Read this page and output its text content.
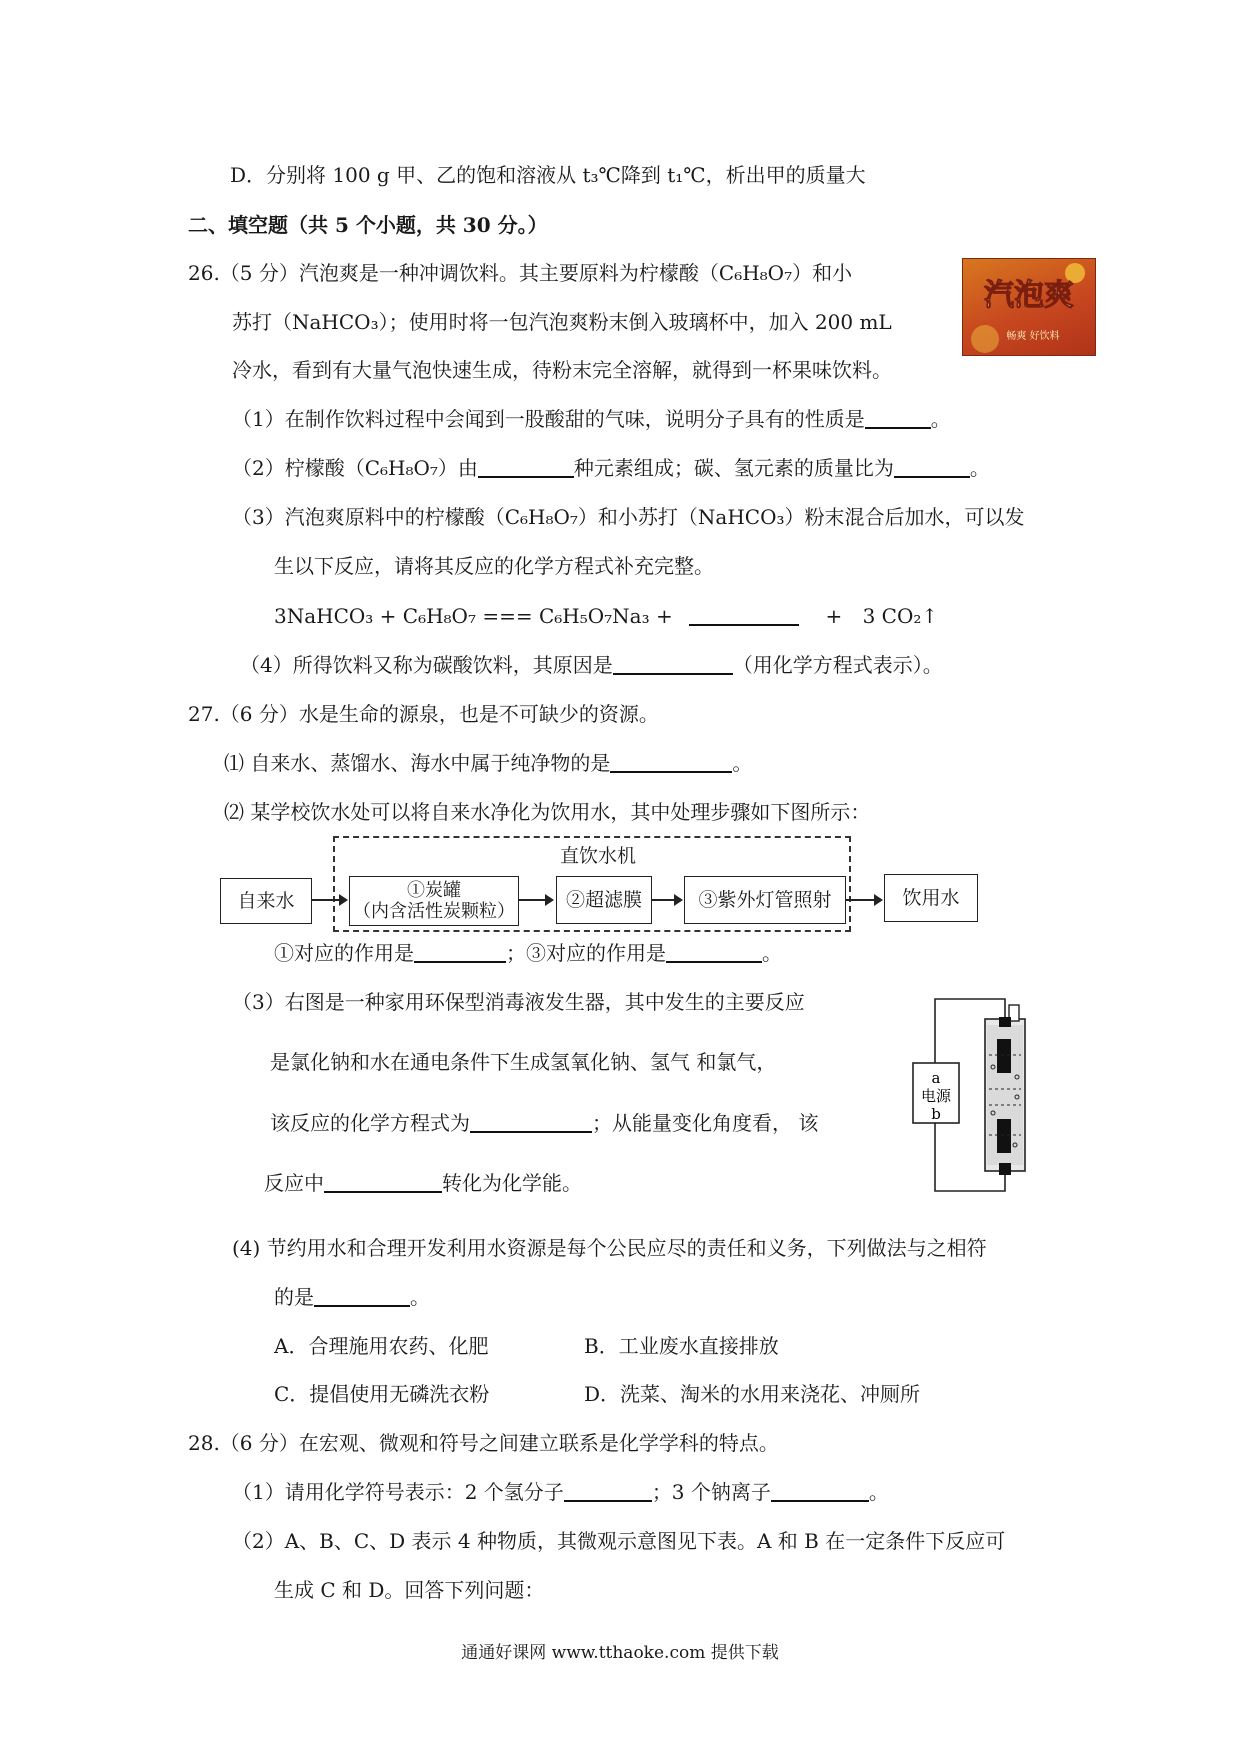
D．分别将 100 g 甲、乙的饱和溶液从 t₃℃降到 t₁℃，析出甲的质量大
二、填空题（共 5 个小题，共 30 分。）
26.（5 分）汽泡爽是一种冲调饮料。其主要原料为柠檬酸（C₆H₈O₇）和小
苏打（NaHCO₃）；使用时将一包汽泡爽粉末倒入玻璃杯中，加入 200 mL
冷水，看到有大量气泡快速生成，待粉末完全溶解，就得到一杯果味饮料。
汽泡爽
畅爽 好饮料
（1）在制作饮料过程中会闻到一股酸甜的气味，说明分子具有的性质是	。
（2）柠檬酸（C₆H₈O₇）由	种元素组成；碳、氢元素的质量比为	。
（3）汽泡爽原料中的柠檬酸（C₆H₈O₇）和小苏打（NaHCO₃）粉末混合后加水，可以发
生以下反应，请将其反应的化学方程式补充完整。
3NaHCO₃ + C₆H₈O₇ === C₆H₅O₇Na₃ +	+ 3 CO₂↑
（4）所得饮料又称为碳酸饮料，其原因是	（用化学方程式表示）。
27.（6 分）水是生命的源泉，也是不可缺少的资源。
⑴ 自来水、蒸馏水、海水中属于纯净物的是	。
⑵ 某学校饮水处可以将自来水净化为饮用水，其中处理步骤如下图所示：
直饮水机
自来水	①炭罐
（内含活性炭颗粒）
②超滤膜	③紫外灯管照射	饮用水
①对应的作用是	；③对应的作用是	。
（3）右图是一种家用环保型消毒液发生器，其中发生的主要反应
是氯化钠和水在通电条件下生成氢氧化钠、氢气 和氯气，
该反应的化学方程式为	；从能量变化角度看， 该
反应中	转化为化学能。
a
电源
b
(4) 节约用水和合理开发利用水资源是每个公民应尽的责任和义务，下列做法与之相符
的是	。
A．合理施用农药、化肥	B．工业废水直接排放
C．提倡使用无磷洗衣粉	D．洗菜、淘米的水用来浇花、冲厕所
28.（6 分）在宏观、微观和符号之间建立联系是化学学科的特点。
（1）请用化学符号表示：2 个氢分子	；3 个钠离子	。
（2）A、B、C、D 表示 4 种物质，其微观示意图见下表。A 和 B 在一定条件下反应可
生成 C 和 D。回答下列问题：
通通好课网 www.tthaoke.com 提供下载
